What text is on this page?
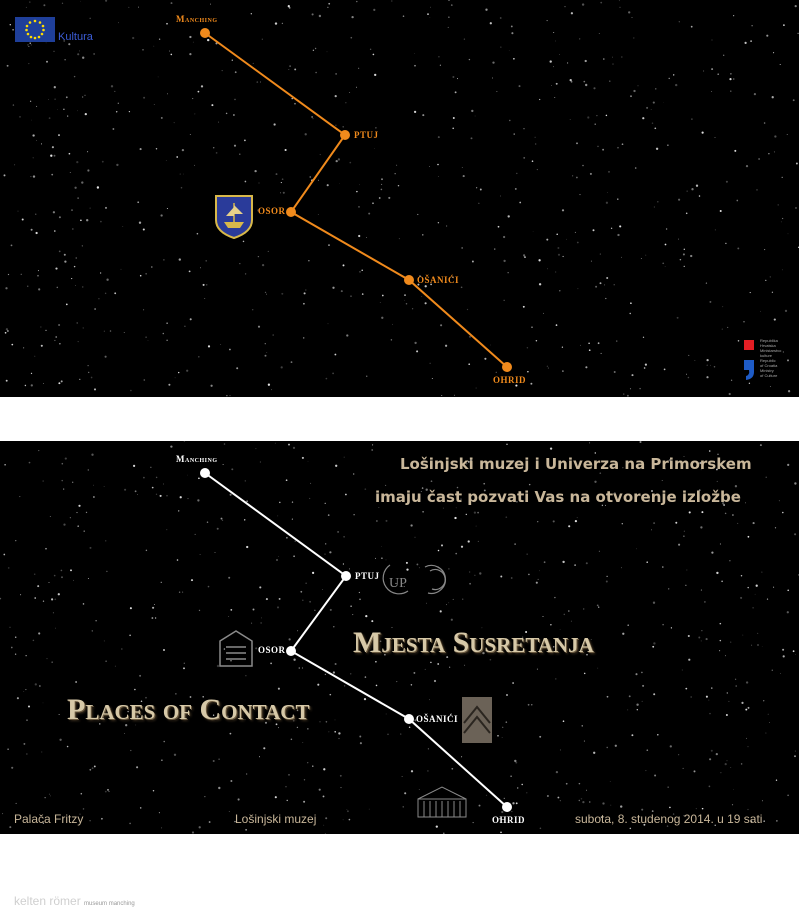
Kultura
Manching
PTUJ
OSOR
OŠANIĆI
OHRID
Republika
Hrvatska
Ministarstvo
kulture
Republic
of Croatia
Ministry
of Culture
UP
kelten römer museum manching
Lošinjski muzej i Univerza na Primorskem
imaju čast pozvati Vas na otvorenje izložbe
Manching
PTUJ
OSOR
OŠANIĆI
OHRID
Mjesta Susretanja
Places of Contact
Palača Fritzy	Lošinjski muzej	subota, 8. studenog 2014. u 19 sati
